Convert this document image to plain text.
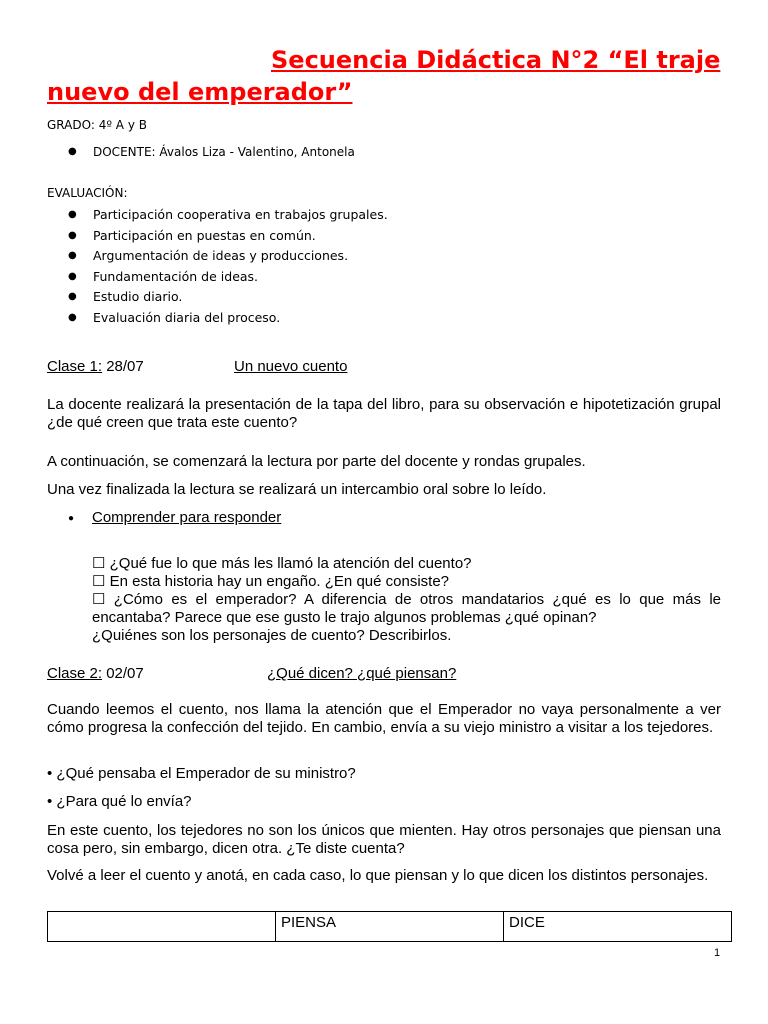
Secuencia Didáctica N°2 “El traje nuevo del emperador”

GRADO: 4º A y B

● DOCENTE: Ávalos Liza - Valentino, Antonela

EVALUACIÓN:

● Participación cooperativa en trabajos grupales.
● Participación en puestas en común.
● Argumentación de ideas y producciones.
● Fundamentación de ideas.
● Estudio diario.
● Evaluación diaria del proceso.

Clase 1: 28/07	Un nuevo cuento

La docente realizará la presentación de la tapa del libro, para su observación e hipotetización grupal ¿de qué creen que trata este cuento?

A continuación, se comenzará la lectura por parte del docente y rondas grupales.

Una vez finalizada la lectura se realizará un intercambio oral sobre lo leído.

● Comprender para responder

☐ ¿Qué fue lo que más les llamó la atención del cuento?

☐ En esta historia hay un engaño. ¿En qué consiste?

☐ ¿Cómo es el emperador? A diferencia de otros mandatarios ¿qué es lo que más le encantaba? Parece que ese gusto le trajo algunos problemas ¿qué opinan?

¿Quiénes son los personajes de cuento? Describirlos.

Clase 2: 02/07	¿Qué dicen? ¿qué piensan?

Cuando leemos el cuento, nos llama la atención que el Emperador no vaya personalmente a ver cómo progresa la confección del tejido. En cambio, envía a su viejo ministro a visitar a los tejedores.

• ¿Qué pensaba el Emperador de su ministro?

• ¿Para qué lo envía?

En este cuento, los tejedores no son los únicos que mienten. Hay otros personajes que piensan una cosa pero, sin embargo, dicen otra. ¿Te diste cuenta?

Volvé a leer el cuento y anotá, en cada caso, lo que piensan y lo que dicen los distintos personajes.

	PIENSA	DICE
1
